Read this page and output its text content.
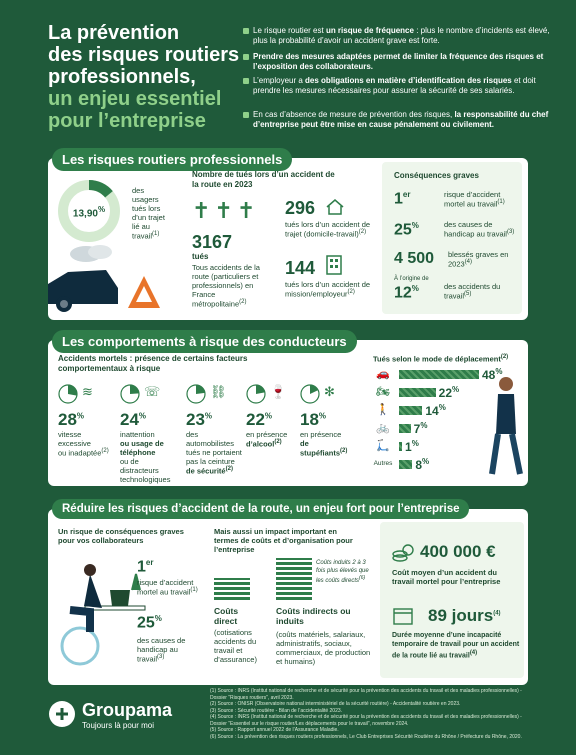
La prévention
des risques routiers
professionnels,
un enjeu essentiel
pour l’entreprise
Le risque routier est un risque de fréquence : plus le nombre d’incidents est élevé, plus la probabilité d’avoir un accident grave est forte.
Prendre des mesures adaptées permet de limiter la fréquence des risques et l’exposition des collaborateurs.
L’employeur a des obligations en matière d’identification des risques et doit prendre les mesures nécessaires pour assurer la sécurité de ses salariés.
En cas d’absence de mesure de prévention des risques, la responsabilité du chef d’entreprise peut être mise en cause pénalement ou civilement.
Les risques routiers professionnels
13,90%
des usagers tués lors d’un trajet lié au travail$^{(1)}$
Nombre de tués lors d’un accident de la route en 2023
✝✝✝
3167
tués
Tous accidents de la route (particuliers et professionnels) en France métropolitaine$^{(2)}$
296
tués lors d’un accident de trajet (domicile-travail)$^{(2)}$
144
tués lors d’un accident de mission/employeur$^{(2)}$
Conséquences graves
1er	risque d’accident mortel au travail$^{(1)}$
25%	des causes de handicap au travail$^{(3)}$
4 500 blessés graves en 2023$^{(4)}$
À l’origine de
12%	des accidents du travail$^{(5)}$
Les comportements à risque des conducteurs
Accidents mortels : présence de certains facteurs comportementaux à risque
≋
28%
vitesse
excessive
ou inadaptée$^{(2)}$
☏
24%
inattention
ou usage de téléphone
ou de distracteurs technologiques
⛓
23%
des automobilistes
tués ne portaient pas la ceinture
de sécurité$^{(2)}$
🍷
22%
en présence
d’alcool$^{(2)}$
✻
18%
en présence
de stupéfiants$^{(2)}$
Tués selon le mode de déplacement$^{(2)}$
🚗	48%
🏍	22%
🚶	14%
🚲 7%
🛴 1%
Autres 8%
Réduire les risques d’accident de la route, un enjeu fort pour l’entreprise
Un risque de conséquences graves pour vos collaborateurs
1er
risque d’accident mortel au travail$^{(1)}$
25%
des causes de handicap au travail$^{(3)}$
Mais aussi un impact important en termes de coûts et d’organisation pour l’entreprise
Coûts induits 2 à 3 fois plus élevés que les coûts directs$^{(6)}$
Coûts direct
(cotisations accidents du travail et d’assurance)
Coûts indirects ou induits
(coûts matériels, salariaux, administratifs, sociaux, commerciaux, de production et humains)
400 000 €
Coût moyen d’un accident du travail mortel pour l’entreprise
89 jours$^{(4)}$
Durée moyenne d’une incapacité temporaire de travail pour un accident de la route lié au travail$^{(4)}$
Groupama
Toujours là pour moi
(1) Source : INRS (Institut national de recherche et de sécurité pour la prévention des accidents du travail et des maladies professionnelles) - Dossier “Risques routiers”, avril 2023.
(2) Source : ONISR (Observatoire national interministériel de la sécurité routière) - Accidentalité routière en 2023.
(3) Source : Sécurité routière - Bilan de l’accidentalité 2023.
(4) Source : INRS (Institut national de recherche et de sécurité pour la prévention des accidents du travail et des maladies professionnelles) - Dossier “Essentiel sur le risque routier/Les déplacements pour le travail”, novembre 2024.
(5) Source : Rapport annuel 2022 de l’Assurance Maladie.
(6) Source : La prévention des risques routiers professionnels, Le Club Entreprises Sécurité Routière du Rhône / Préfecture du Rhône, 2020.
